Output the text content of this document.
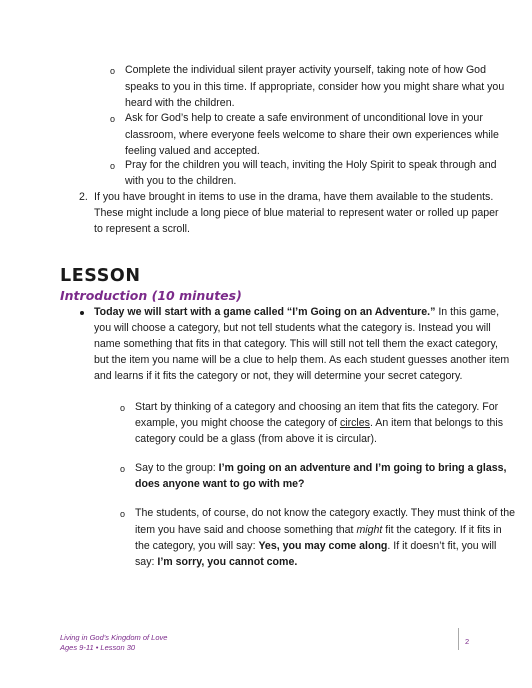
o Complete the individual silent prayer activity yourself, taking note of how God
speaks to you in this time. If appropriate, consider how you might share what you
heard with the children.
o Ask for God’s help to create a safe environment of unconditional love in your
classroom, where everyone feels welcome to share their own experiences while
feeling valued and accepted.
o Pray for the children you will teach, inviting the Holy Spirit to speak through and
with you to the children.
2. If you have brought in items to use in the drama, have them available to the students.
These might include a long piece of blue material to represent water or rolled up paper
to represent a scroll.
LESSON
Introduction (10 minutes)
Today we will start with a game called “I’m Going on an Adventure.” In this game,
you will choose a category, but not tell students what the category is. Instead you will
name something that fits in that category. This will still not tell them the exact category,
but the item you name will be a clue to help them. As each student guesses another item
and learns if it fits the category or not, they will determine your secret category.
o Start by thinking of a category and choosing an item that fits the category. For
example, you might choose the category of circles. An item that belongs to this
category could be a glass (from above it is circular).
o Say to the group: I’m going on an adventure and I’m going to bring a glass,
does anyone want to go with me?
o The students, of course, do not know the category exactly. They must think of the
item you have said and choose something that might fit the category. If it fits in
the category, you will say: Yes, you may come along. If it doesn’t fit, you will
say: I’m sorry, you cannot come.
Living in God’s Kingdom of Love
Ages 9-11 • Lesson 30
2
